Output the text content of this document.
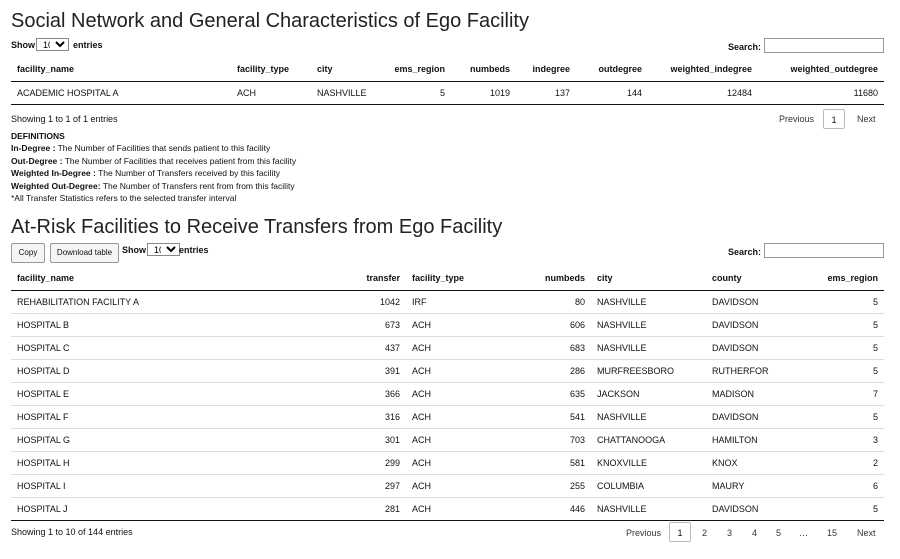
Social Network and General Characteristics of Ego Facility
Show
10	entries	Search:
facility_name	facility_type	city	ems_region	numbeds	indegree	outdegree	weighted_indegree	weighted_outdegree
ACADEMIC HOSPITAL A	ACH	NASHVILLE	5	1019	137	144	12484	11680
Showing 1 to 1 of 1 entries	Previous	1	Next
DEFINITIONS
In-Degree : The Number of Facilities that sends patient to this facility
Out-Degree : The Number of Facilities that receives patient from this facility
Weighted In-Degree : The Number of Transfers received by this facility
Weighted Out-Degree: The Number of Transfers rent from from this facility
*All Transfer Statistics refers to the selected transfer interval
At-Risk Facilities to Receive Transfers from Ego Facility
Copy	Download table	Show
10	entries	Search:
facility_name	transfer	facility_type	numbeds	city	county	ems_region
REHABILITATION FACILITY A	1042	IRF	80	NASHVILLE	DAVIDSON	5
HOSPITAL B	673	ACH	606	NASHVILLE	DAVIDSON	5
HOSPITAL C	437	ACH	683	NASHVILLE	DAVIDSON	5
HOSPITAL D	391	ACH	286	MURFREESBORO	RUTHERFOR	5
HOSPITAL E	366	ACH	635	JACKSON	MADISON	7
HOSPITAL F	316	ACH	541	NASHVILLE	DAVIDSON	5
HOSPITAL G	301	ACH	703	CHATTANOOGA	HAMILTON	3
HOSPITAL H	299	ACH	581	KNOXVILLE	KNOX	2
HOSPITAL I	297	ACH	255	COLUMBIA	MAURY	6
HOSPITAL J	281	ACH	446	NASHVILLE	DAVIDSON	5
Showing 1 to 10 of 144 entries	Previous	1	2 3 4 5 … 15 Next
